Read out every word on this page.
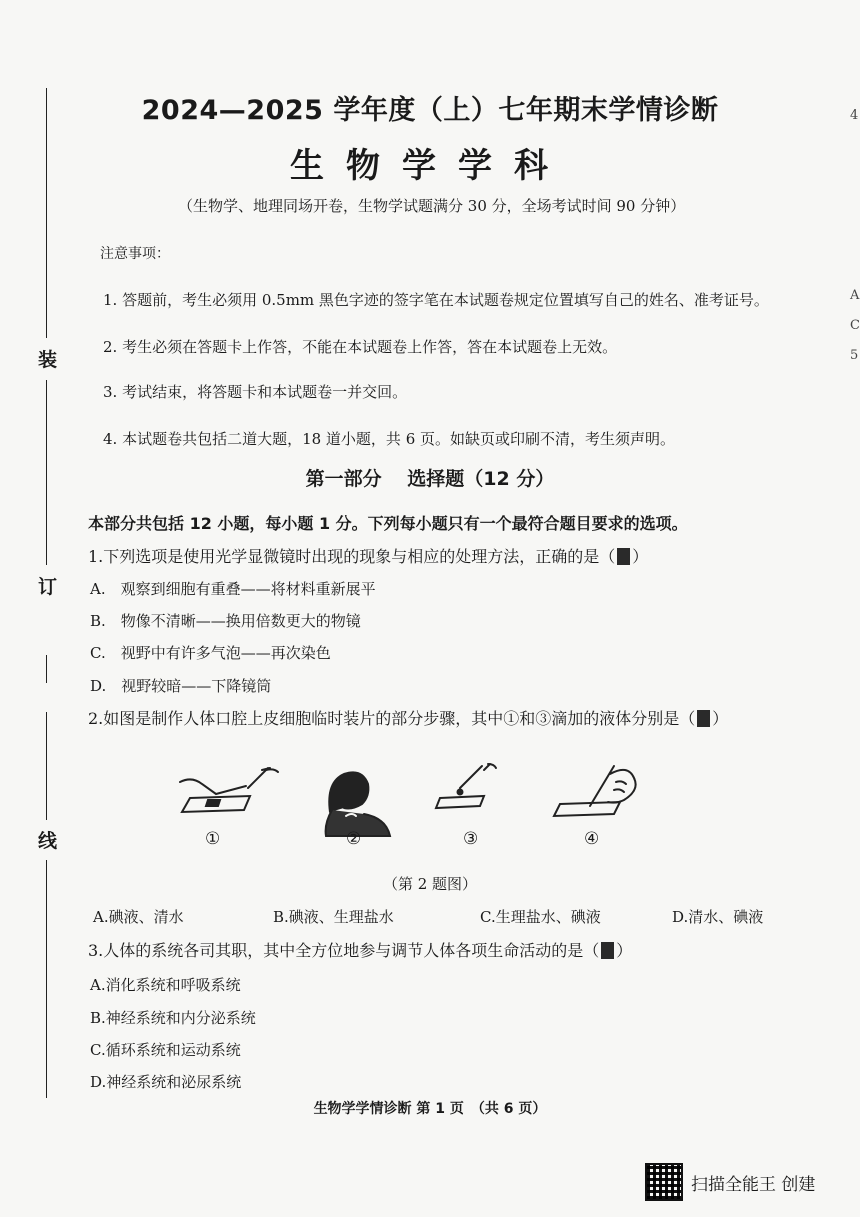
装
订
线
4
A
C
5
2024—2025 学年度（上）七年期末学情诊断
生物学学科
（生物学、地理同场开卷，生物学试题满分 30 分，全场考试时间 90 分钟）
注意事项：
1. 答题前，考生必须用 0.5mm 黑色字迹的签字笔在本试题卷规定位置填写自己的姓名、准考证号。
2. 考生必须在答题卡上作答，不能在本试题卷上作答，答在本试题卷上无效。
3. 考试结束，将答题卡和本试题卷一并交回。
4. 本试题卷共包括二道大题，18 道小题，共 6 页。如缺页或印刷不清，考生须声明。
第一部分　 选择题（12 分）
本部分共包括 12 小题，每小题 1 分。下列每小题只有一个最符合题目要求的选项。
1.下列选项是使用光学显微镜时出现的现象与相应的处理方法，正确的是（ ）
A.　观察到细胞有重叠——将材料重新展平
B.　物像不清晰——换用倍数更大的物镜
C.　视野中有许多气泡——再次染色
D.　视野较暗——下降镜筒
2.如图是制作人体口腔上皮细胞临时装片的部分步骤，其中①和③滴加的液体分别是（ ）
①	②	③	④
（第 2 题图）
A.碘液、清水	B.碘液、生理盐水	C.生理盐水、碘液	D.清水、碘液
3.人体的系统各司其职，其中全方位地参与调节人体各项生命活动的是（ ）
A.消化系统和呼吸系统
B.神经系统和内分泌系统
C.循环系统和运动系统
D.神经系统和泌尿系统
生物学学情诊断 第 1 页　（共 6 页）
扫描全能王 创建
